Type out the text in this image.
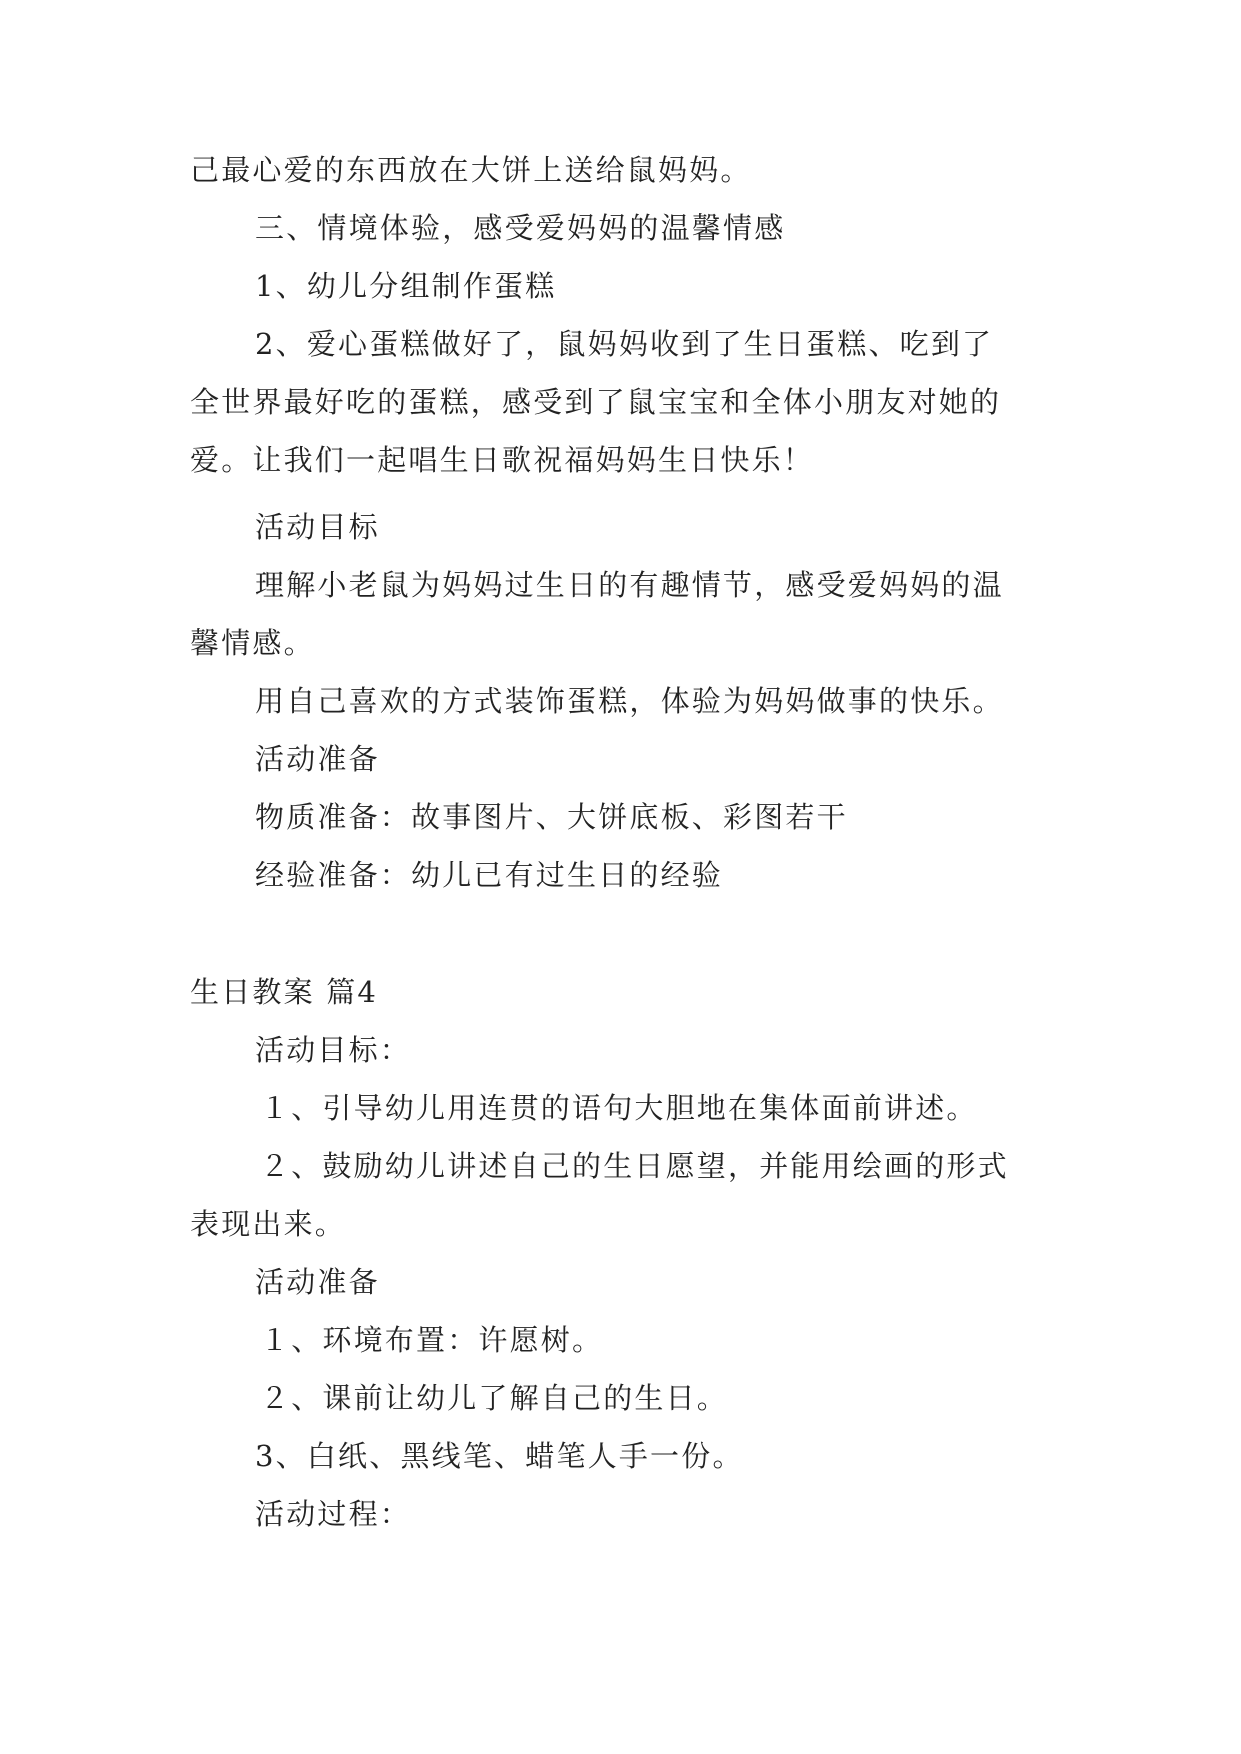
己最心爱的东西放在大饼上送给鼠妈妈。
三、情境体验，感受爱妈妈的温馨情感
1、幼儿分组制作蛋糕
2、爱心蛋糕做好了，鼠妈妈收到了生日蛋糕、吃到了
全世界最好吃的蛋糕，感受到了鼠宝宝和全体小朋友对她的
爱。让我们一起唱生日歌祝福妈妈生日快乐！
活动目标
理解小老鼠为妈妈过生日的有趣情节，感受爱妈妈的温
馨情感。
用自己喜欢的方式装饰蛋糕，体验为妈妈做事的快乐。
活动准备
物质准备：故事图片、大饼底板、彩图若干
经验准备：幼儿已有过生日的经验
生日教案 篇4
活动目标：
１、引导幼儿用连贯的语句大胆地在集体面前讲述。
２、鼓励幼儿讲述自己的生日愿望，并能用绘画的形式
表现出来。
活动准备
１、环境布置：许愿树。
２、课前让幼儿了解自己的生日。
3、白纸、黑线笔、蜡笔人手一份。
活动过程：
